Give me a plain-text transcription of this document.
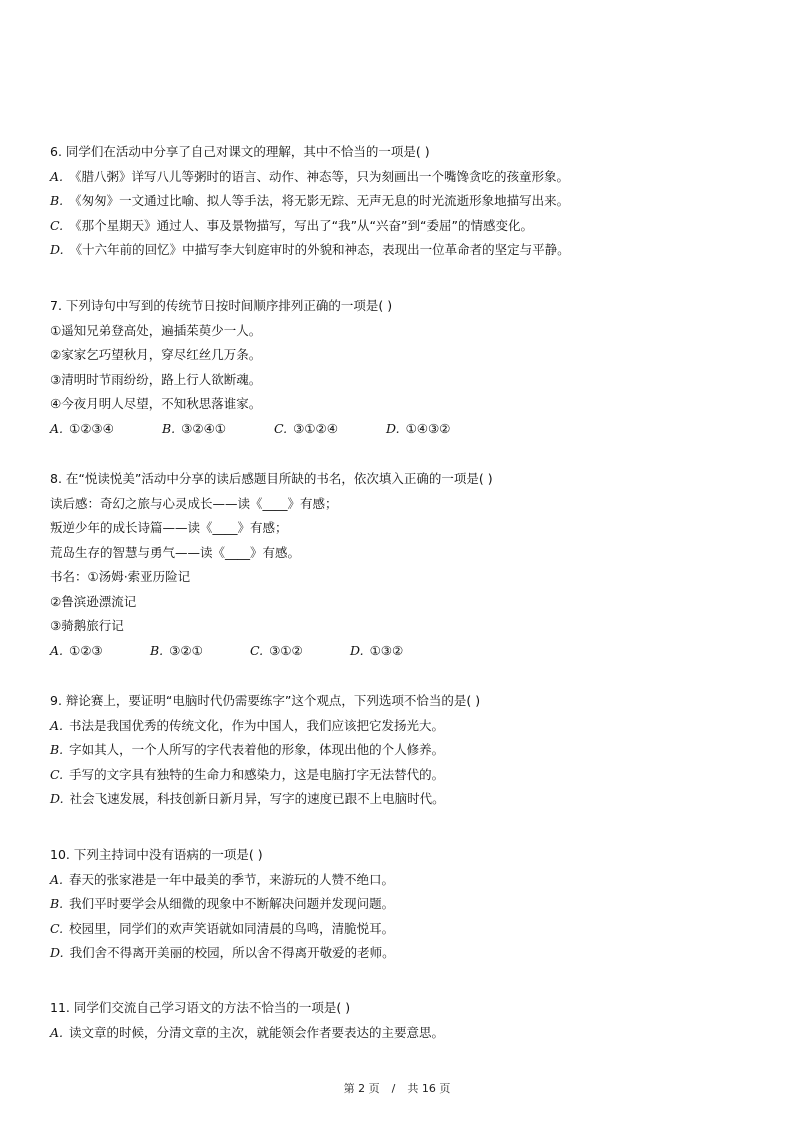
6. 同学们在活动中分享了自己对课文的理解，其中不恰当的一项是( )
A. 《腊八粥》详写八儿等粥时的语言、动作、神态等，只为刻画出一个嘴馋贪吃的孩童形象。
B. 《匆匆》一文通过比喻、拟人等手法，将无影无踪、无声无息的时光流逝形象地描写出来。
C. 《那个星期天》通过人、事及景物描写，写出了“我”从“兴奋”到“委屈”的情感变化。
D. 《十六年前的回忆》中描写李大钊庭审时的外貌和神态，表现出一位革命者的坚定与平静。
7. 下列诗句中写到的传统节日按时间顺序排列正确的一项是( )
①遥知兄弟登高处，遍插茱萸少一人。
②家家乞巧望秋月，穿尽红丝几万条。
③清明时节雨纷纷，路上行人欲断魂。
④今夜月明人尽望，不知秋思落谁家。
A. ①②③④	B. ③②④①	C. ③①②④	D. ①④③②
8. 在“悦读悦美”活动中分享的读后感题目所缺的书名，依次填入正确的一项是( )
读后感：奇幻之旅与心灵成长——读《____》有感；
叛逆少年的成长诗篇——读《____》有感；
荒岛生存的智慧与勇气——读《____》有感。
书名：①汤姆·索亚历险记
②鲁滨逊漂流记
③骑鹅旅行记
A. ①②③	B. ③②①	C. ③①②	D. ①③②
9. 辩论赛上，要证明“电脑时代仍需要练字”这个观点，下列选项不恰当的是( )
A. 书法是我国优秀的传统文化，作为中国人，我们应该把它发扬光大。
B. 字如其人，一个人所写的字代表着他的形象，体现出他的个人修养。
C. 手写的文字具有独特的生命力和感染力，这是电脑打字无法替代的。
D. 社会飞速发展，科技创新日新月异，写字的速度已跟不上电脑时代。
10. 下列主持词中没有语病的一项是( )
A. 春天的张家港是一年中最美的季节，来游玩的人赞不绝口。
B. 我们平时要学会从细微的现象中不断解决问题并发现问题。
C. 校园里，同学们的欢声笑语就如同清晨的鸟鸣，清脆悦耳。
D. 我们舍不得离开美丽的校园，所以舍不得离开敬爱的老师。
11. 同学们交流自己学习语文的方法不恰当的一项是( )
A. 读文章的时候，分清文章的主次，就能领会作者要表达的主要意思。
第 2 页 / 共 16 页
